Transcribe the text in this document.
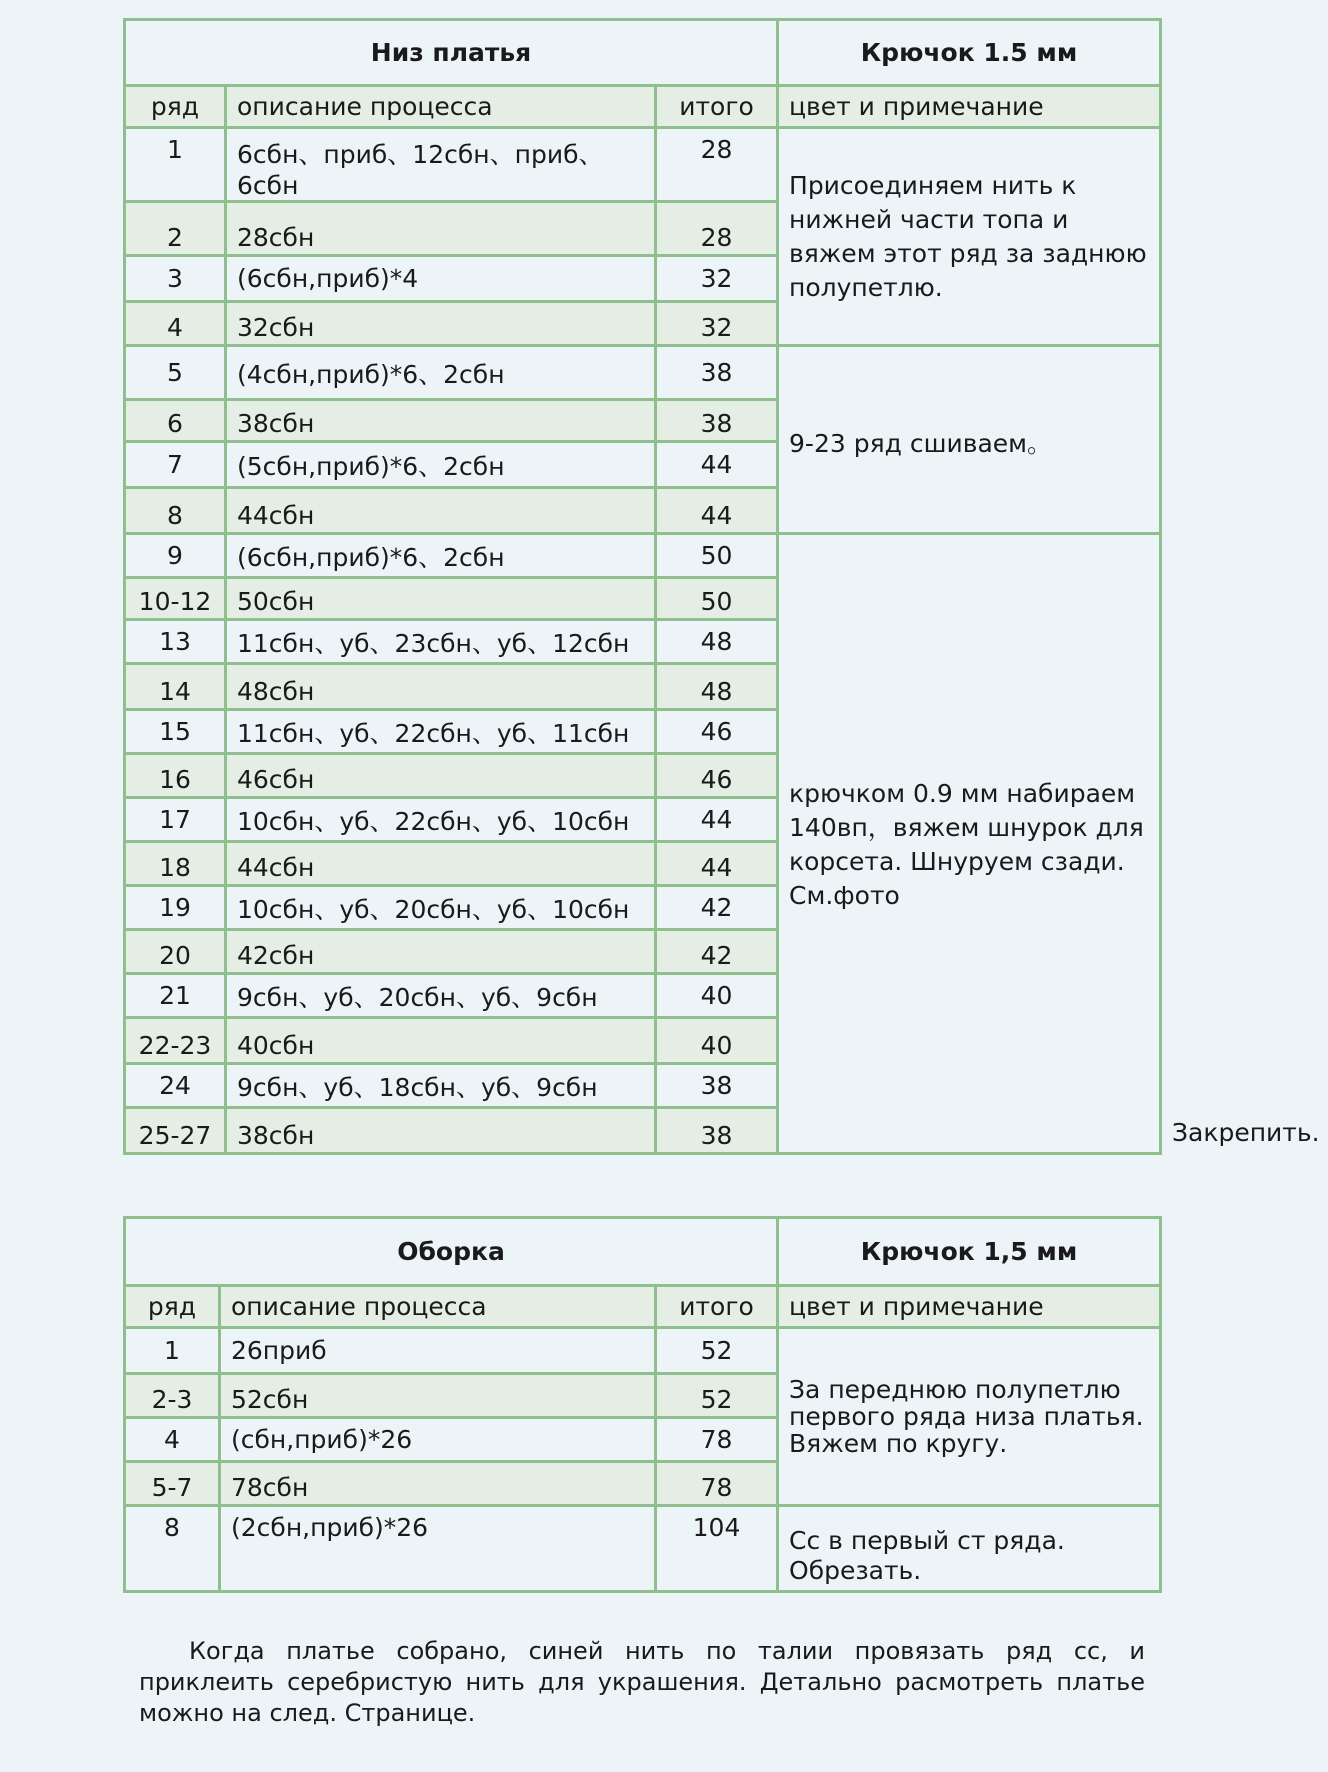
Низ платья			Крючок 1.5 мм	
ряд	описание процесса	итого	цвет и примечание	
1	6сбн、приб、12сбн、приб、6сбн	28	Присоединяем нить к нижней части топа и вяжем этот ряд за заднюю полупетлю.	

2	28сбн	28		
3	(6сбн,приб)*4	32		
4	32сбн	32		
5	(4сбн,приб)*6、2сбн	38	9-23 ряд сшиваем。	

6	38сбн	38		
7	(5сбн,приб)*6、2сбн	44		
8	44сбн	44		
9	(6сбн,приб)*6、2сбн	50	крючком 0.9 мм набираем 140вп，вяжем шнурок для корсета. Шнуруем сзади. См.фото	

10-12	50сбн	50		
13	11сбн、уб、23сбн、уб、12сбн	48		
14	48сбн	48		
15	11сбн、уб、22сбн、уб、11сбн	46		
16	46сбн	46		
17	10сбн、уб、22сбн、уб、10сбн	44		
18	44сбн	44		
19	10сбн、уб、20сбн、уб、10сбн	42		
20	42сбн	42		
21	9сбн、уб、20сбн、уб、9сбн	40		
22-23	40сбн	40		
24	9сбн、уб、18сбн、уб、9сбн	38		
25-27	38сбн	38		Закрепить.
Оборка			Крючок 1,5 мм
ряд	описание процесса	итого	цвет и примечание
1	26приб	52	За переднюю полупетлю первого ряда низа платья. Вяжем по кругу.

2-3	52сбн	52	
4	(сбн,приб)*26	78	
5-7	78сбн	78	
8	(2сбн,приб)*26	104	Сс в первый ст ряда. Обрезать.
Когда платье собрано, синей нить по талии провязать ряд сс, и приклеить серебристую нить для украшения. Детально расмотреть платье можно на след. Странице.
